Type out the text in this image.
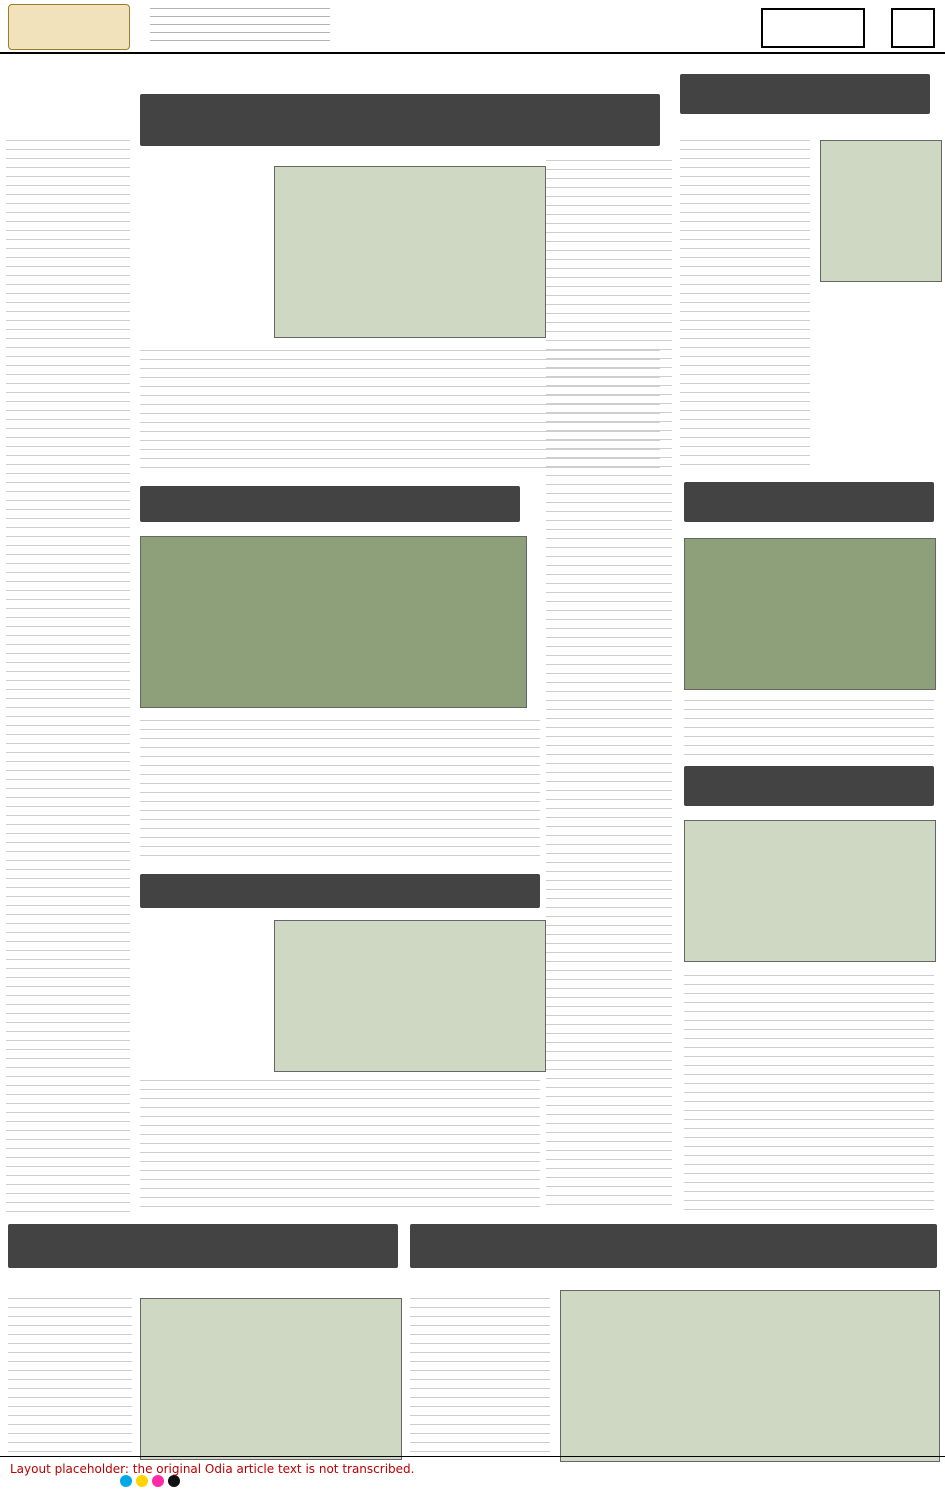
Layout placeholder: the original Odia article text is not transcribed.
